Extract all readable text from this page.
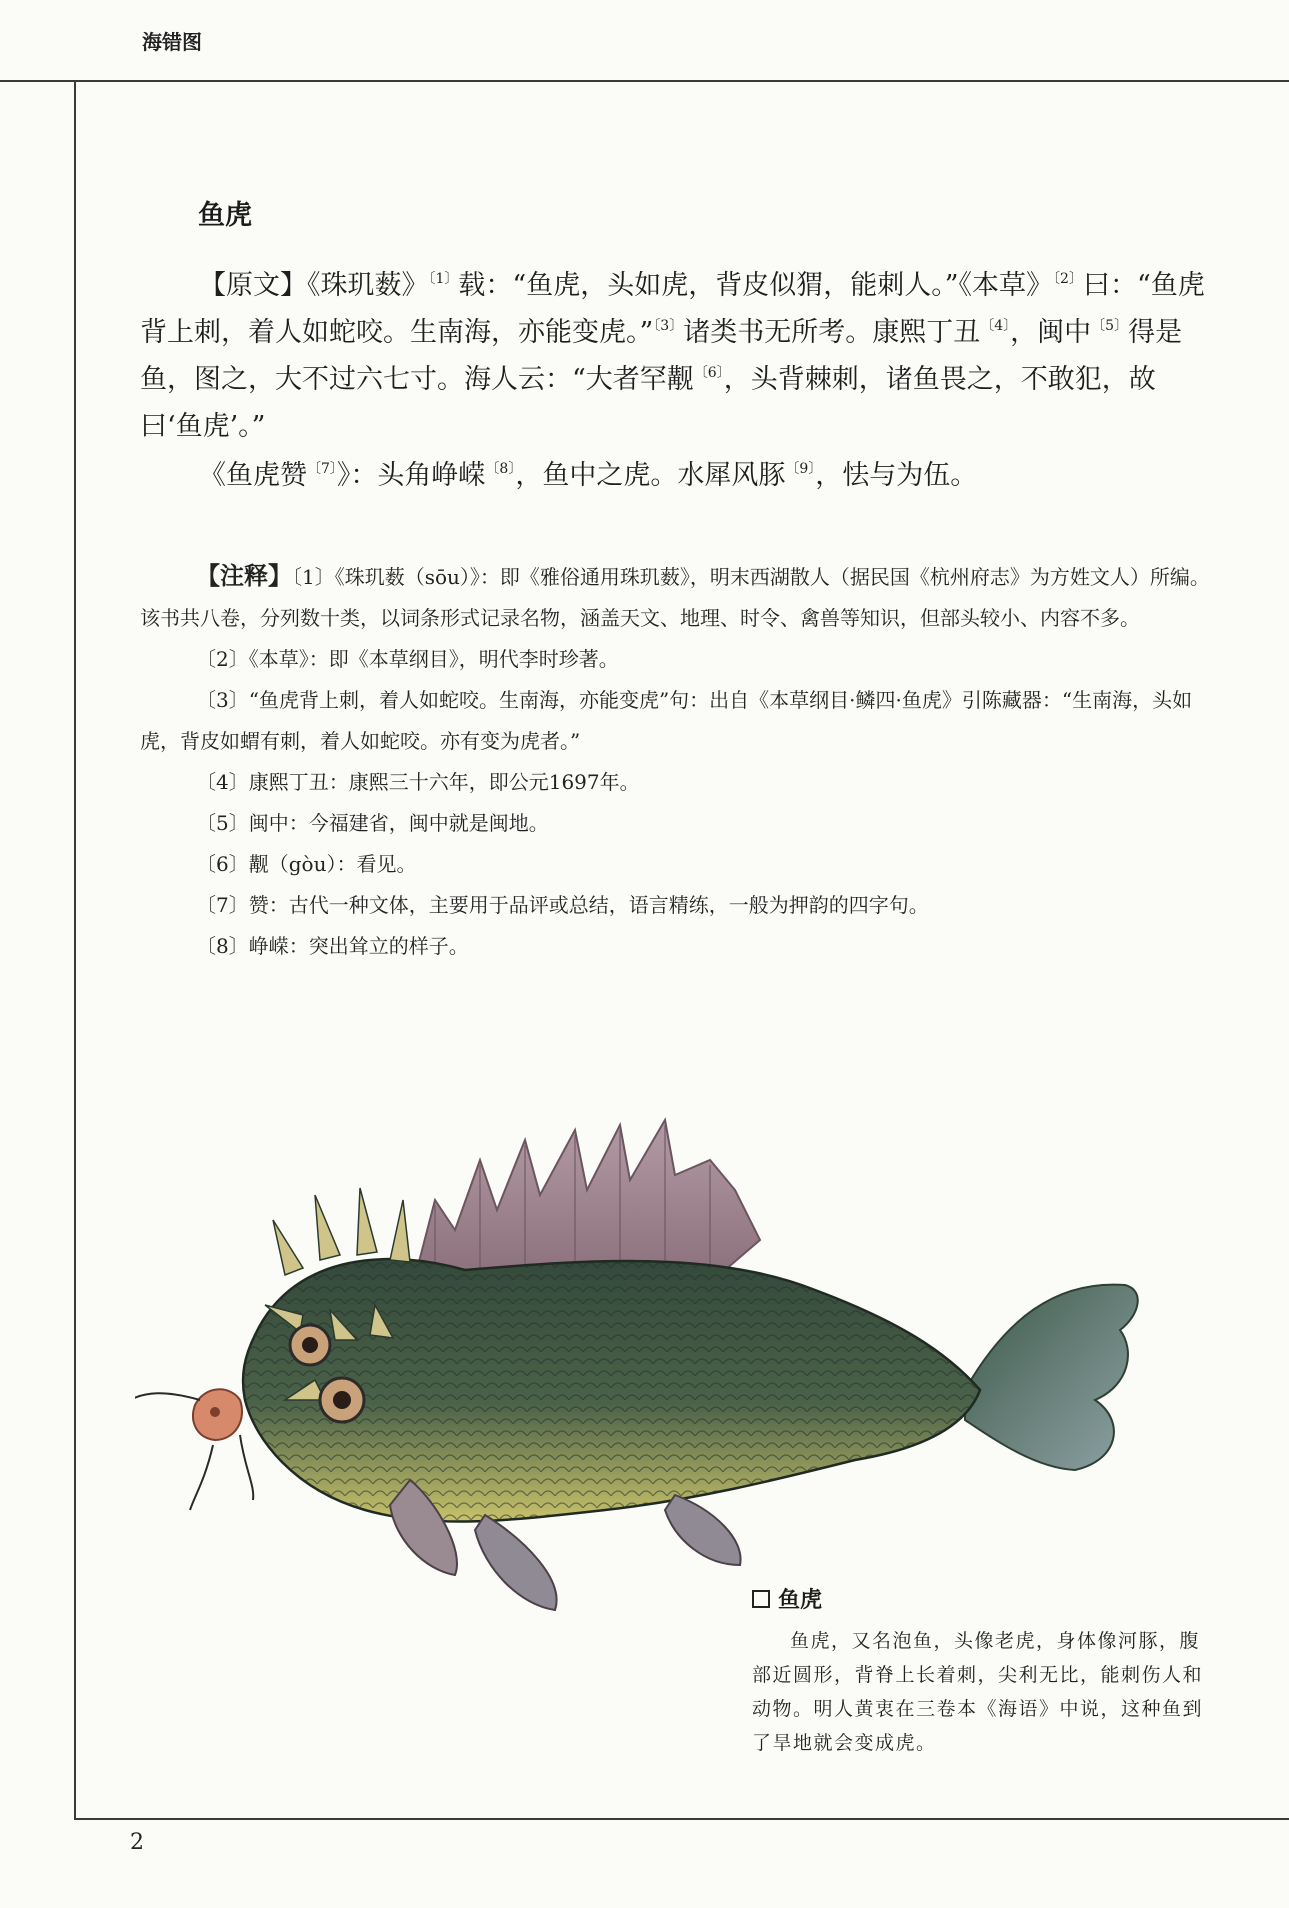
海错图
鱼虎

【原文】《珠玑薮》$^{〔1〕}$载：“鱼虎，头如虎，背皮似猬，能刺人。”《本草》$^{〔2〕}$曰：“鱼虎背上刺，着人如蛇咬。生南海，亦能变虎。”$^{〔3〕}$诸类书无所考。康熙丁丑$^{〔4〕}$，闽中$^{〔5〕}$得是鱼，图之，大不过六七寸。海人云：“大者罕觏$^{〔6〕}$，头背棘刺，诸鱼畏之，不敢犯，故曰‘鱼虎’。”

《鱼虎赞$^{〔7〕}$》：头角峥嵘$^{〔8〕}$，鱼中之虎。水犀风豚$^{〔9〕}$，怯与为伍。

【注释】〔1〕《珠玑薮（sōu）》：即《雅俗通用珠玑薮》，明末西湖散人（据民国《杭州府志》为方姓文人）所编。该书共八卷，分列数十类，以词条形式记录名物，涵盖天文、地理、时令、禽兽等知识，但部头较小、内容不多。

〔2〕《本草》：即《本草纲目》，明代李时珍著。

〔3〕“鱼虎背上刺，着人如蛇咬。生南海，亦能变虎”句：出自《本草纲目·鳞四·鱼虎》引陈藏器：“生南海，头如虎，背皮如蝟有刺，着人如蛇咬。亦有变为虎者。”

〔4〕康熙丁丑：康熙三十六年，即公元1697年。

〔5〕闽中：今福建省，闽中就是闽地。

〔6〕觏（gòu）：看见。

〔7〕赞：古代一种文体，主要用于品评或总结，语言精练，一般为押韵的四字句。

〔8〕峥嵘：突出耸立的样子。

鱼虎

鱼虎，又名泡鱼，头像老虎，身体像河豚，腹部近圆形，背脊上长着刺，尖利无比，能刺伤人和动物。明人黄衷在三卷本《海语》中说，这种鱼到了旱地就会变成虎。

2
